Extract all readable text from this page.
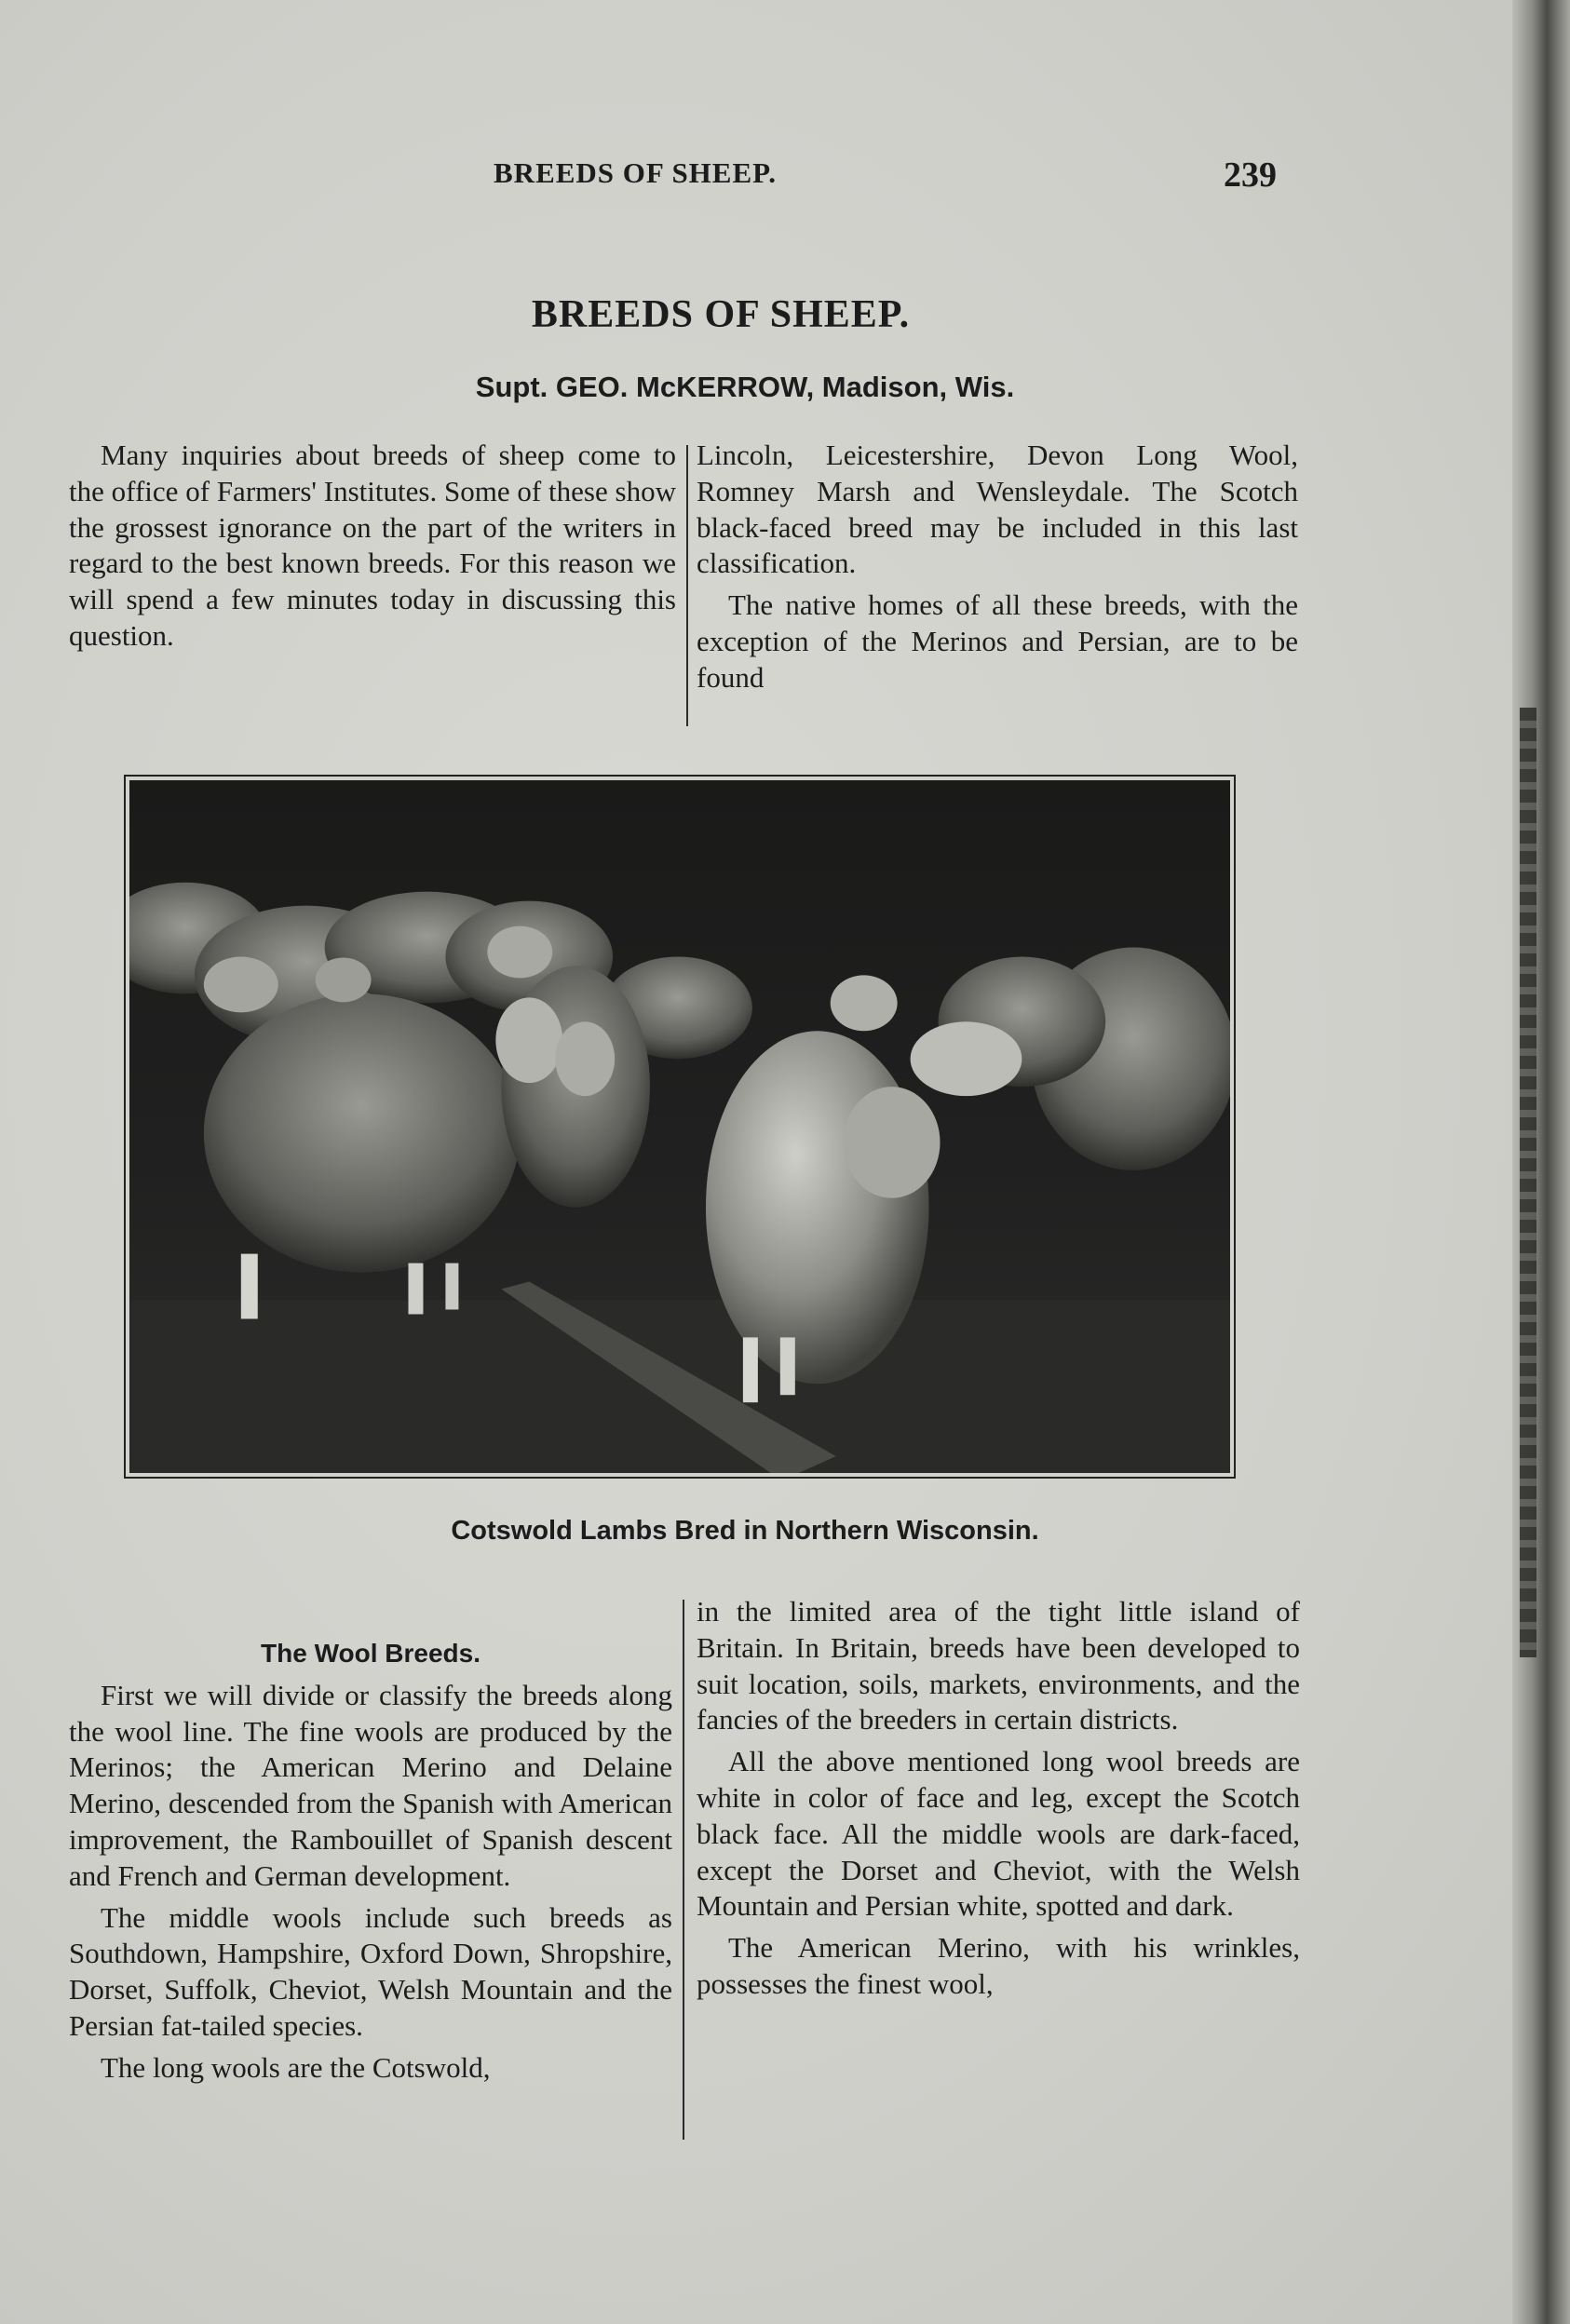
BREEDS OF SHEEP.	239
BREEDS OF SHEEP.
Supt. GEO. McKERROW, Madison, Wis.

Many inquiries about breeds of sheep come to the office of Farmers' Institutes. Some of these show the grossest ignorance on the part of the writers in regard to the best known breeds. For this reason we will spend a few minutes today in discussing this question.

Lincoln, Leicestershire, Devon Long Wool, Romney Marsh and Wensleydale. The Scotch black-faced breed may be included in this last classification.

The native homes of all these breeds, with the exception of the Merinos and Persian, are to be found

Cotswold Lambs Bred in Northern Wisconsin.

The Wool Breeds.

First we will divide or classify the breeds along the wool line. The fine wools are produced by the Merinos; the American Merino and Delaine Merino, descended from the Spanish with American improvement, the Rambouillet of Spanish descent and French and German development.

The middle wools include such breeds as Southdown, Hampshire, Oxford Down, Shropshire, Dorset, Suffolk, Cheviot, Welsh Mountain and the Persian fat-tailed species.

The long wools are the Cotswold,

in the limited area of the tight little island of Britain. In Britain, breeds have been developed to suit location, soils, markets, environments, and the fancies of the breeders in certain districts.

All the above mentioned long wool breeds are white in color of face and leg, except the Scotch black face. All the middle wools are dark-faced, except the Dorset and Cheviot, with the Welsh Mountain and Persian white, spotted and dark.

The American Merino, with his wrinkles, possesses the finest wool,
